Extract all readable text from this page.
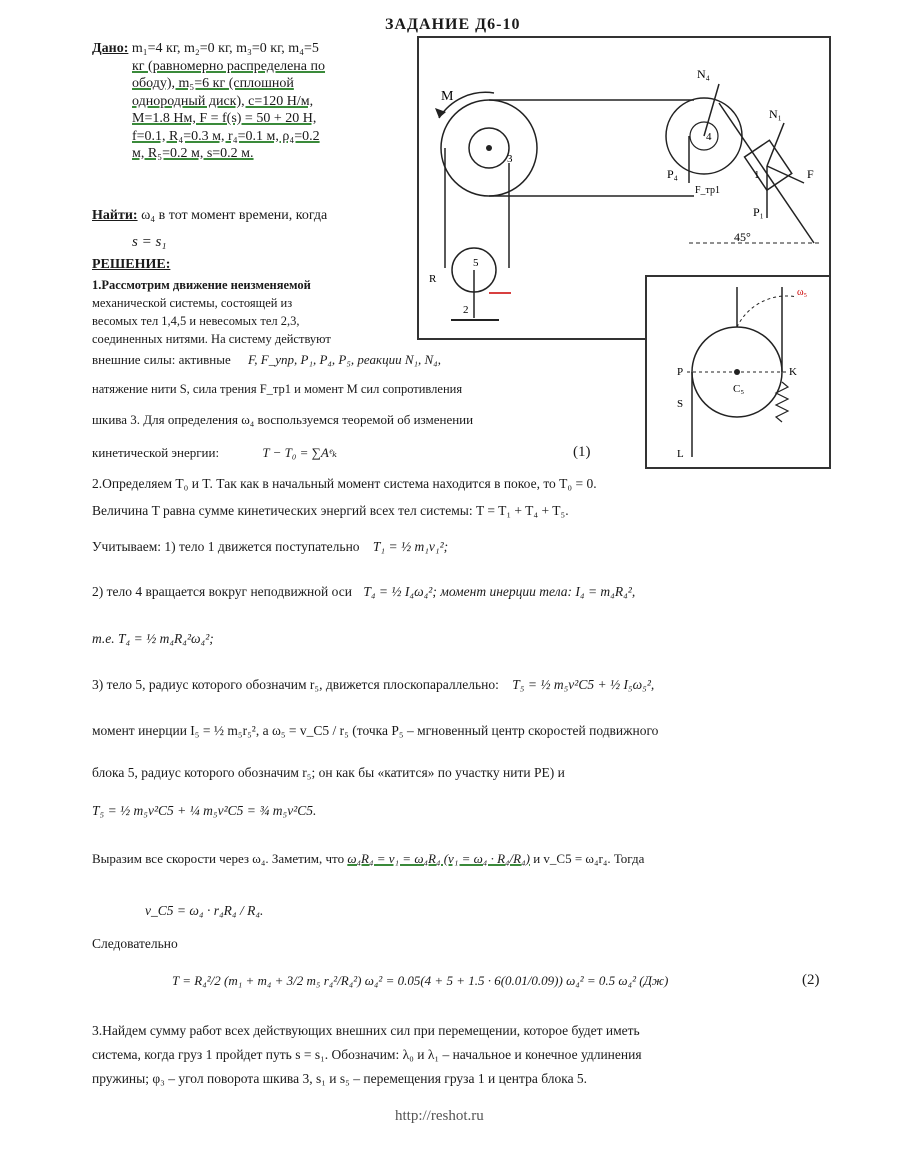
ЗАДАНИЕ Д6-10
Дано: m₁=4 кг, m₂=0 кг, m₃=0 кг, m₄=5
кг (равномерно распределена по
ободу), m₅=6 кг (сплошной
однородный диск), c=120 Н/м,
M=1.8 Нм, F = f(s) = 50 + 20 Н,
f=0.1, R₄=0.3 м, r₄=0.1 м, ρ₄=0.2
м, R₅=0.2 м, s=0.2 м.
Найти: ω₄ в тот момент времени, когда
s = s₁
РЕШЕНИЕ:
1.Рассмотрим движение неизменяемой
механической системы, состоящей из
весомых тел 1,4,5 и невесомых тел 2,3,
соединенных нитями. На систему действуют
внешние силы: активные F, F_упр, P₁, P₄, P₅, реакции N₁, N₄,
натяжение нити S, сила трения F_тр1 и момент M сил сопротивления
шкива 3. Для определения ω₄ воспользуемся теоремой об изменении
кинетической энергии:	T − T₀ = ∑Aᵉₖ	(1)
2.Определяем T₀ и T. Так как в начальный момент система находится в покое, то T₀ = 0.
Величина T равна сумме кинетических энергий всех тел системы: T = T₁ + T₄ + T₅.
Учитываем: 1) тело 1 движется поступательно T₁ = ½ m₁v₁²;
2) тело 4 вращается вокруг неподвижной оси T₄ = ½ I₄ω₄²; момент инерции тела: I₄ = m₄R₄²,
т.е. T₄ = ½ m₄R₄²ω₄²;
3) тело 5, радиус которого обозначим r₅, движется плоскопараллельно: T₅ = ½ m₅v²C5 + ½ I₅ω₅²,
момент инерции I₅ = ½ m₅r₅², а ω₅ = v_C5 / r₅ (точка P₅ – мгновенный центр скоростей подвижного
блока 5, радиус которого обозначим r₅; он как бы «катится» по участку нити PE) и
T₅ = ½ m₅v²C5 + ¼ m₅v²C5 = ¾ m₅v²C5.
Выразим все скорости через ω₄. Заметим, что ω₄R₄ = v₁ = ω₄R₄ (v₁ = ω₄ · R₄/R₄) и v_C5 = ω₄r₄. Тогда
v_C5 = ω₄ · r₄R₄ / R₄.
Следовательно
T = R₄²/2 (m₁ + m₄ + 3/2 m₅ r₄²/R₄²) ω₄² = 0.05(4 + 5 + 1.5 · 6(0.01/0.09)) ω₄² = 0.5 ω₄² (Дж)	(2)
3.Найдем сумму работ всех действующих внешних сил при перемещении, которое будет иметь
система, когда груз 1 пройдет путь s = s₁. Обозначим: λ₀ и λ₁ – начальное и конечное удлинения
пружины; φ₃ – угол поворота шкива 3, s₁ и s₅ – перемещения груза 1 и центра блока 5.
M
3
4
N₄
P₄
F_тр1
45°
1
N₁
F
P₁
5
2
R
ω₅
P	K
C₅
S
L
http://reshot.ru
